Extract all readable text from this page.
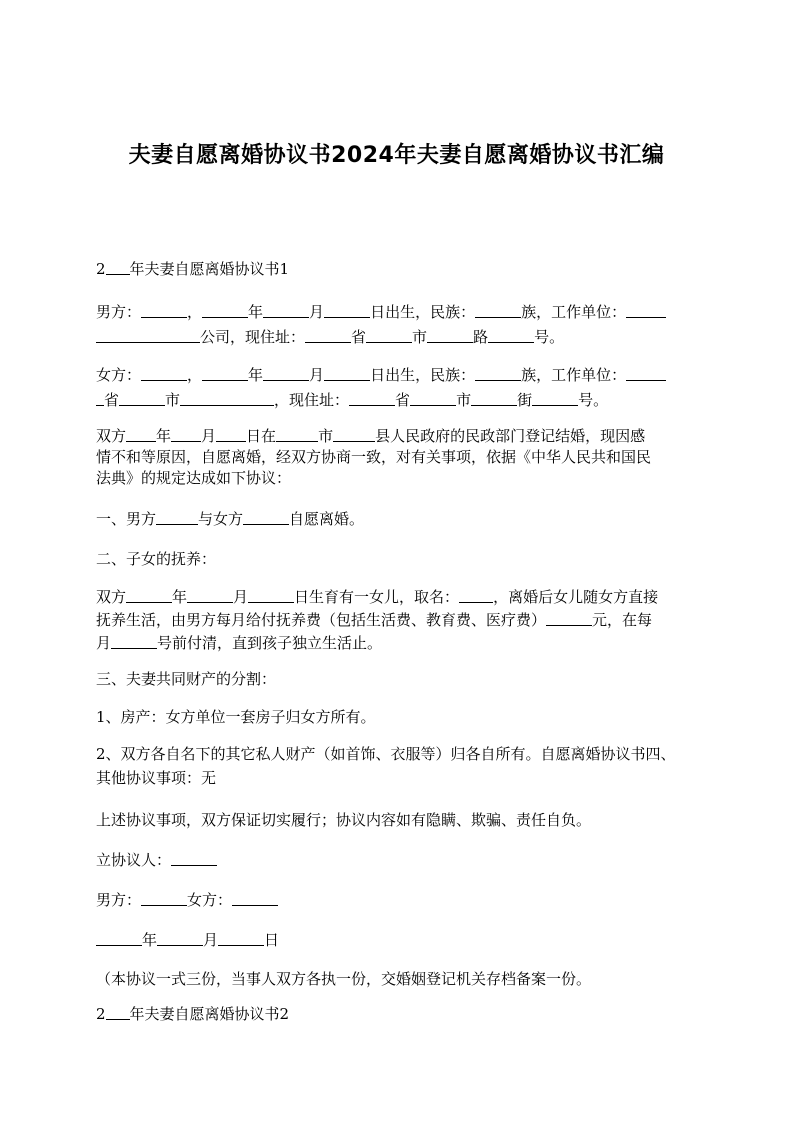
夫妻自愿离婚协议书2024年夫妻自愿离婚协议书汇编
2 年夫妻自愿离婚协议书1
男方：	，	年	月	日出生，民族：	族，工作单位：
公司，现住址：	省	市	路	号。
女方：	，	年	月	日出生，民族：	族，工作单位：
省	市	，现住址：	省	市	街	号。
双方 年 月 日在	市	县人民政府的民政部门登记结婚，现因感
情不和等原因，自愿离婚，经双方协商一致，对有关事项，依据《中华人民共和国民
法典》的规定达成如下协议：
一、男方	与女方	自愿离婚。
二、子女的抚养：
双方	年	月	日生育有一女儿，取名： ，离婚后女儿随女方直接
抚养生活，由男方每月给付抚养费（包括生活费、教育费、医疗费）	元，在每
月	号前付清，直到孩子独立生活止。
三、夫妻共同财产的分割：
1、房产：女方单位一套房子归女方所有。
2、双方各自名下的其它私人财产（如首饰、衣服等）归各自所有。自愿离婚协议书四、
其他协议事项：无
上述协议事项，双方保证切实履行；协议内容如有隐瞒、欺骗、责任自负。
立协议人：
男方：	女方：
年	月	日
（本协议一式三份，当事人双方各执一份，交婚姻登记机关存档备案一份。
2 年夫妻自愿离婚协议书2
